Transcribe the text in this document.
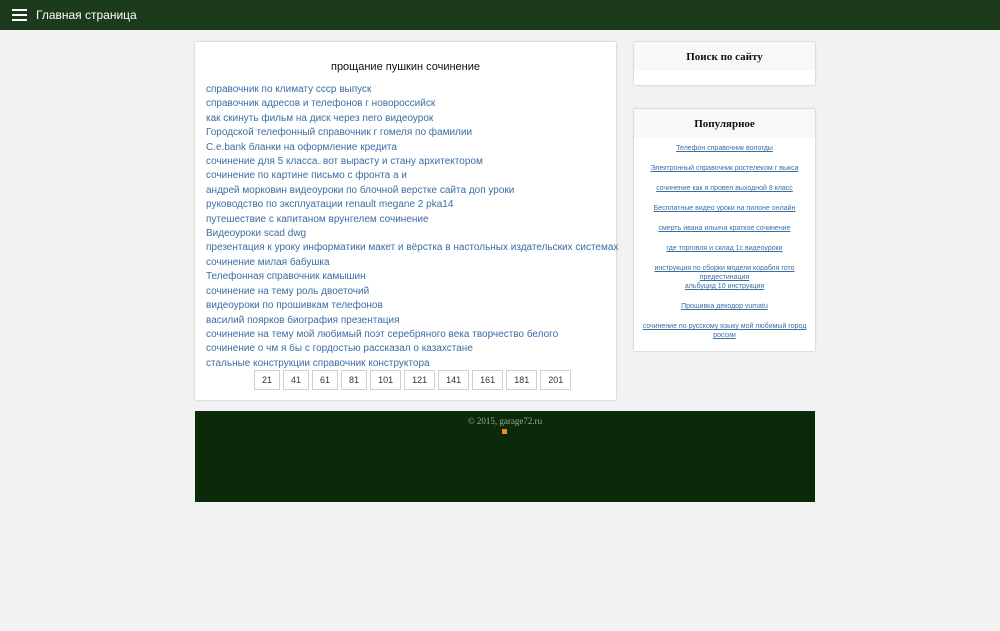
Главная страница
прощание пушкин сочинение
справочник по климату ссср выпуск
справочник адресов и телефонов г новороссийск
как скинуть фильм на диск через nero видеоурок
Городской телефонный справочник г гомеля по фамилии
C.e.bank бланки на оформление кредита
сочинение для 5 класса. вот вырасту и стану архитектором
сочинение по картине письмо с фронта а и
андрей морковин видеоуроки по блочной верстке сайта доп уроки
руководство по эксплуатации renault megane 2 pka14
путешествие с капитаном врунгелем сочинение
Видеоуроки scad dwg
презентация к уроку информатики макет и вёрстка в настольных издательских системах
сочинение милая бабушка
Телефонная справочник камышин
сочинение на тему роль двоеточий
видеоуроки по прошивкам телефонов
василий поярков биография презентация
сочинение на тему мой любимый поэт серебряного века творчество белого
сочинение о чм я бы с гордостью рассказал о казахстане
стальные конструкции справочник конструктора
21	41	61	81	101	121	141	161	181	201
Поиск по сайту
Популярное
Телефон справочник вологды
Электронный справочник ростелеком г выкса
сочинение как я провел выходной 8 класс
Бесплатные видео уроки на пилоне онлайн
смерть ивана ильича краткое сочинение
где торговля и склад 1с видеоуроки
инструкция по сборки модели корабля гото предестинация
альбуцид 10 инструкция
Прошивка декодор vumatu
сочинение по русскому языку мой любимый город россии
© 2015, garage72.ru
